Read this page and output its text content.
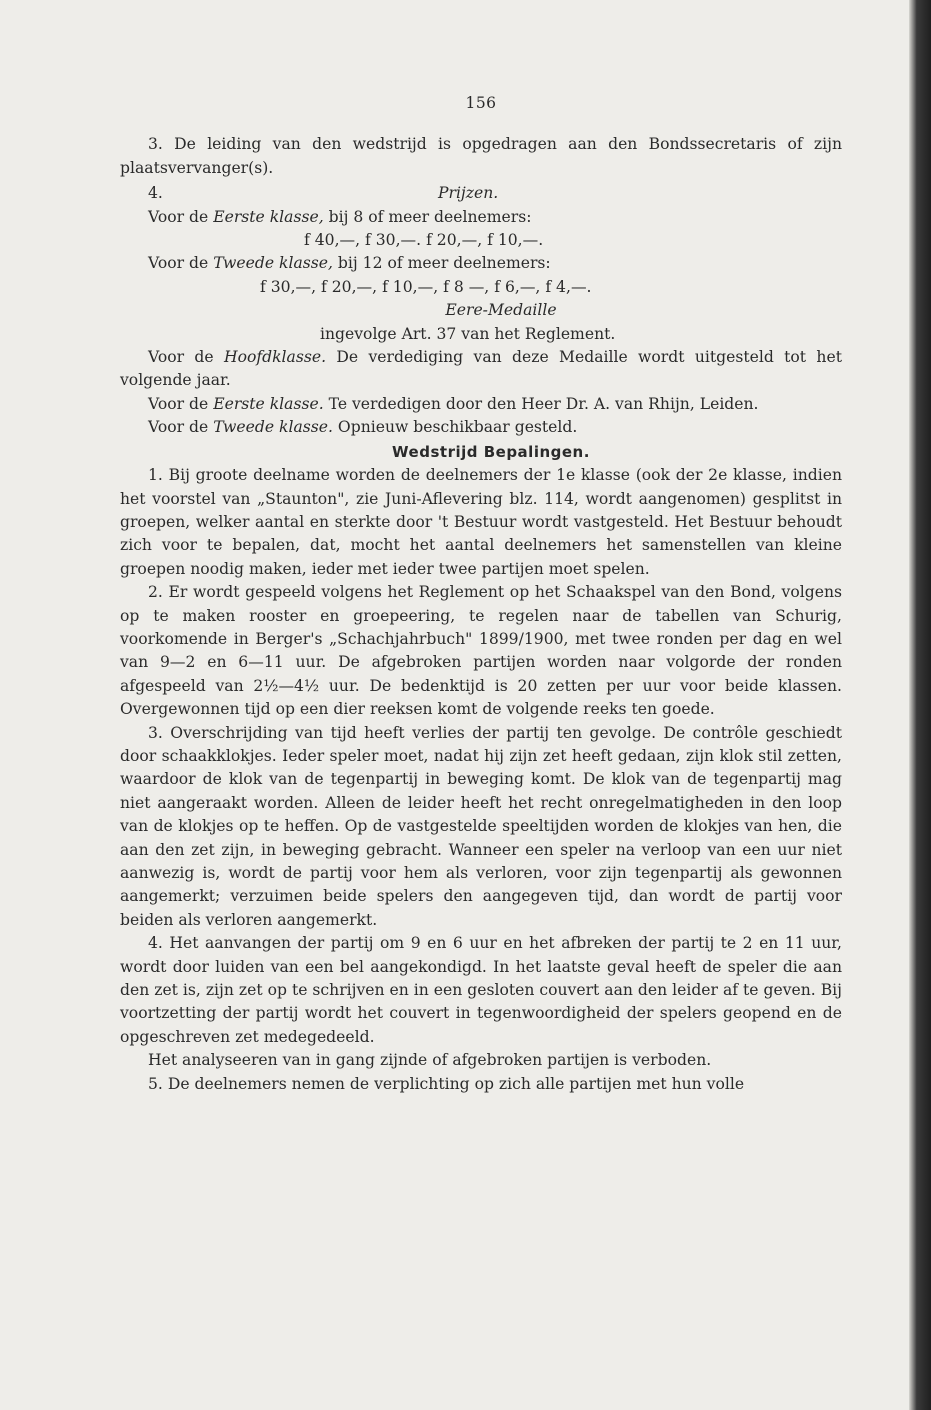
156

3. De leiding van den wedstrijd is opgedragen aan den Bondssecretaris of zijn plaatsvervanger(s).

4.	Prijzen.

Voor de Eerste klasse, bij 8 of meer deelnemers:

f 40,—, f 30,—. f 20,—, f 10,—.

Voor de Tweede klasse, bij 12 of meer deelnemers:

f 30,—, f 20,—, f 10,—, f 8 —, f 6,—, f 4,—.

Eere-Medaille

ingevolge Art. 37 van het Reglement.

Voor de Hoofdklasse. De verdediging van deze Medaille wordt uitgesteld tot het volgende jaar.

Voor de Eerste klasse. Te verdedigen door den Heer Dr. A. van Rhijn, Leiden.

Voor de Tweede klasse. Opnieuw beschikbaar gesteld.

Wedstrijd Bepalingen.

1. Bij groote deelname worden de deelnemers der 1e klasse (ook der 2e klasse, indien het voorstel van „Staunton", zie Juni-Aflevering blz. 114, wordt aangenomen) gesplitst in groepen, welker aantal en sterkte door 't Bestuur wordt vastgesteld. Het Bestuur behoudt zich voor te bepalen, dat, mocht het aantal deelnemers het samenstellen van kleine groepen noodig maken, ieder met ieder twee partijen moet spelen.

2. Er wordt gespeeld volgens het Reglement op het Schaakspel van den Bond, volgens op te maken rooster en groepeering, te regelen naar de tabellen van Schurig, voorkomende in Berger's „Schachjahrbuch" 1899/1900, met twee ronden per dag en wel van 9—2 en 6—11 uur. De afgebroken partijen worden naar volgorde der ronden afgespeeld van 2½—4½ uur. De bedenktijd is 20 zetten per uur voor beide klassen. Overgewonnen tijd op een dier reeksen komt de volgende reeks ten goede.

3. Overschrijding van tijd heeft verlies der partij ten gevolge. De contrôle geschiedt door schaakklokjes. Ieder speler moet, nadat hij zijn zet heeft gedaan, zijn klok stil zetten, waardoor de klok van de tegenpartij in beweging komt. De klok van de tegenpartij mag niet aangeraakt worden. Alleen de leider heeft het recht onregelmatigheden in den loop van de klokjes op te heffen. Op de vastgestelde speeltijden worden de klokjes van hen, die aan den zet zijn, in beweging gebracht. Wanneer een speler na verloop van een uur niet aanwezig is, wordt de partij voor hem als verloren, voor zijn tegenpartij als gewonnen aangemerkt; verzuimen beide spelers den aangegeven tijd, dan wordt de partij voor beiden als verloren aangemerkt.

4. Het aanvangen der partij om 9 en 6 uur en het afbreken der partij te 2 en 11 uur, wordt door luiden van een bel aangekondigd. In het laatste geval heeft de speler die aan den zet is, zijn zet op te schrijven en in een gesloten couvert aan den leider af te geven. Bij voortzetting der partij wordt het couvert in tegenwoordigheid der spelers geopend en de opgeschreven zet medegedeeld.

Het analyseeren van in gang zijnde of afgebroken partijen is verboden.

5. De deelnemers nemen de verplichting op zich alle partijen met hun volle
